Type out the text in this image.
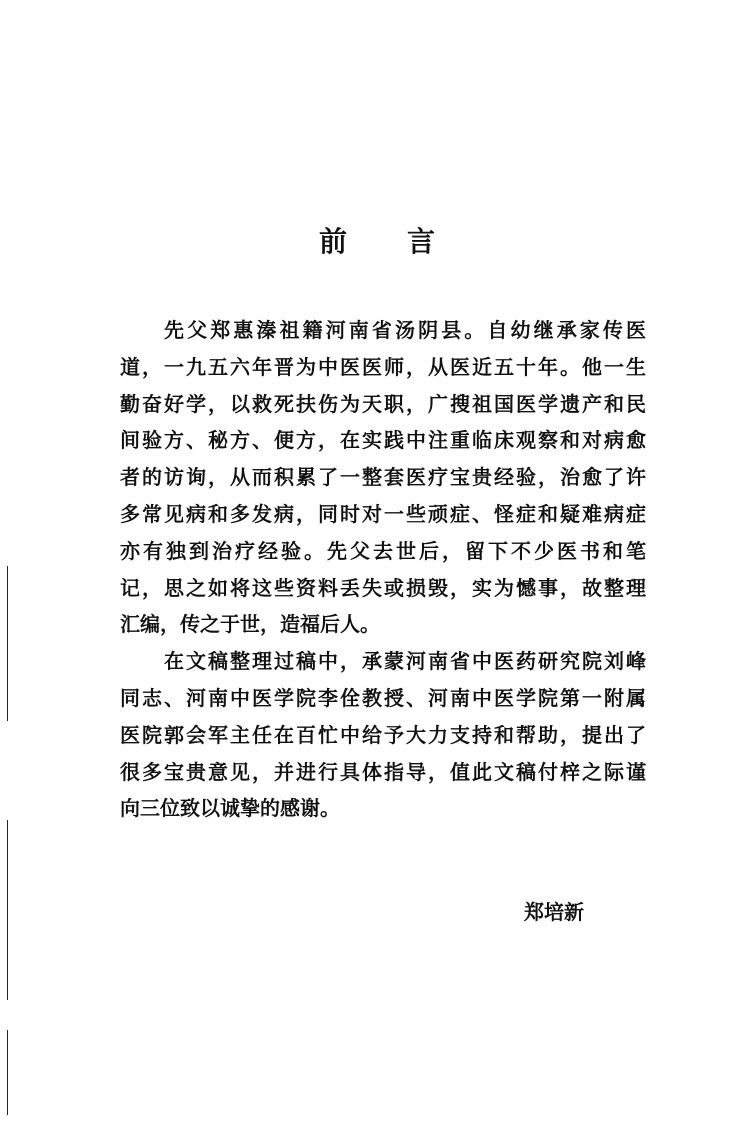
前 言
先父郑惠溱祖籍河南省汤阴县。自幼继承家传医
道，一九五六年晋为中医医师，从医近五十年。他一生
勤奋好学，以救死扶伤为天职，广搜祖国医学遗产和民
间验方、秘方、便方，在实践中注重临床观察和对病愈
者的访询，从而积累了一整套医疗宝贵经验，治愈了许
多常见病和多发病，同时对一些顽症、怪症和疑难病症
亦有独到治疗经验。先父去世后，留下不少医书和笔
记，思之如将这些资料丢失或损毁，实为憾事，故整理
汇编，传之于世，造福后人。
在文稿整理过稿中，承蒙河南省中医药研究院刘峰
同志、河南中医学院李佺教授、河南中医学院第一附属
医院郭会军主任在百忙中给予大力支持和帮助，提出了
很多宝贵意见，并进行具体指导，值此文稿付梓之际谨
向三位致以诚挚的感谢。
郑培新
